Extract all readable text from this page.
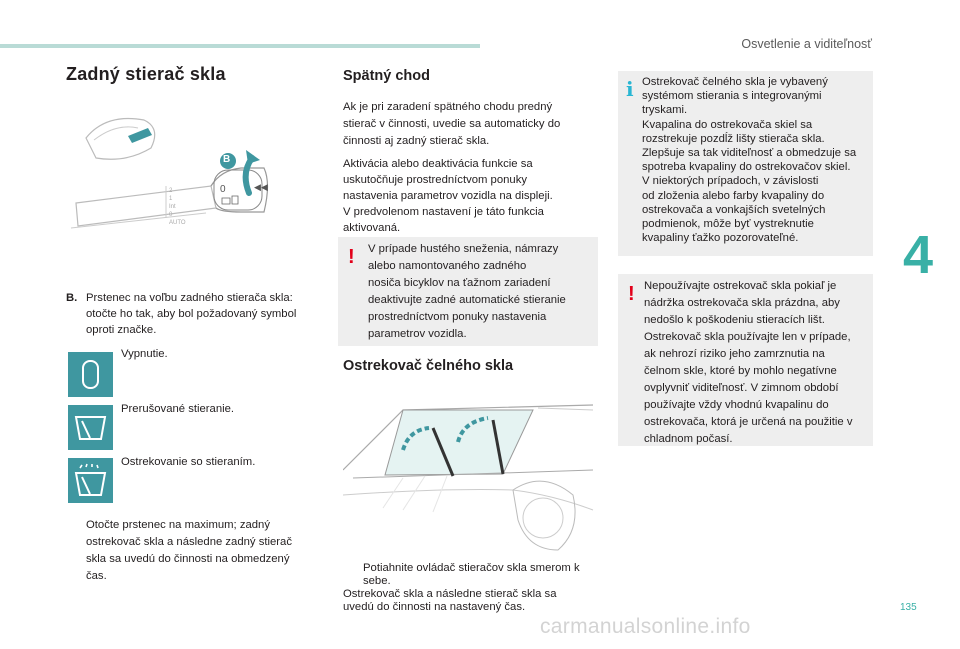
Osvetlenie a viditeľnosť
4
135
carmanualsonline.info
Zadný stierač skla
2
1
Int
0
AUTO
0	◀◀
B
B. Prstenec na voľbu zadného stierača skla:
otočte ho tak, aby bol požadovaný symbol
oproti značke.
Vypnutie.
Prerušované stieranie.
Ostrekovanie so stieraním.
Otočte prstenec na maximum; zadný
ostrekovač skla a následne zadný stierač
skla sa uvedú do činnosti na obmedzený
čas.
Spätný chod
Ak je pri zaradení spätného chodu predný
stierač v činnosti, uvedie sa automaticky do
činnosti aj zadný stierač skla.
Aktivácia alebo deaktivácia funkcie sa
uskutočňuje prostredníctvom ponuky
nastavenia parametrov vozidla na displeji.
V predvolenom nastavení je táto funkcia
aktivovaná.
! V prípade hustého sneženia, námrazy
alebo namontovaného zadného
nosiča bicyklov na ťažnom zariadení
deaktivujte zadné automatické stieranie
prostredníctvom ponuky nastavenia
parametrov vozidla.
Ostrekovač čelného skla
Potiahnite ovládač stieračov skla smerom k
sebe.
Ostrekovač skla a následne stierač skla sa
uvedú do činnosti na nastavený čas.
i Ostrekovač čelného skla je vybavený
systémom stierania s integrovanými
tryskami.
Kvapalina do ostrekovača skiel sa
rozstrekuje pozdĺž lišty stierača skla.
Zlepšuje sa tak viditeľnosť a obmedzuje sa
spotreba kvapaliny do ostrekovačov skiel.
V niektorých prípadoch, v závislosti
od zloženia alebo farby kvapaliny do
ostrekovača a vonkajších svetelných
podmienok, môže byť vystreknutie
kvapaliny ťažko pozorovateľné.
! Nepoužívajte ostrekovač skla pokiaľ je
nádržka ostrekovača skla prázdna, aby
nedošlo k poškodeniu stieracích lišt.
Ostrekovač skla používajte len v prípade,
ak nehrozí riziko jeho zamrznutia na
čelnom skle, ktoré by mohlo negatívne
ovplyvniť viditeľnosť. V zimnom období
používajte vždy vhodnú kvapalinu do
ostrekovača, ktorá je určená na použitie v
chladnom počasí.
